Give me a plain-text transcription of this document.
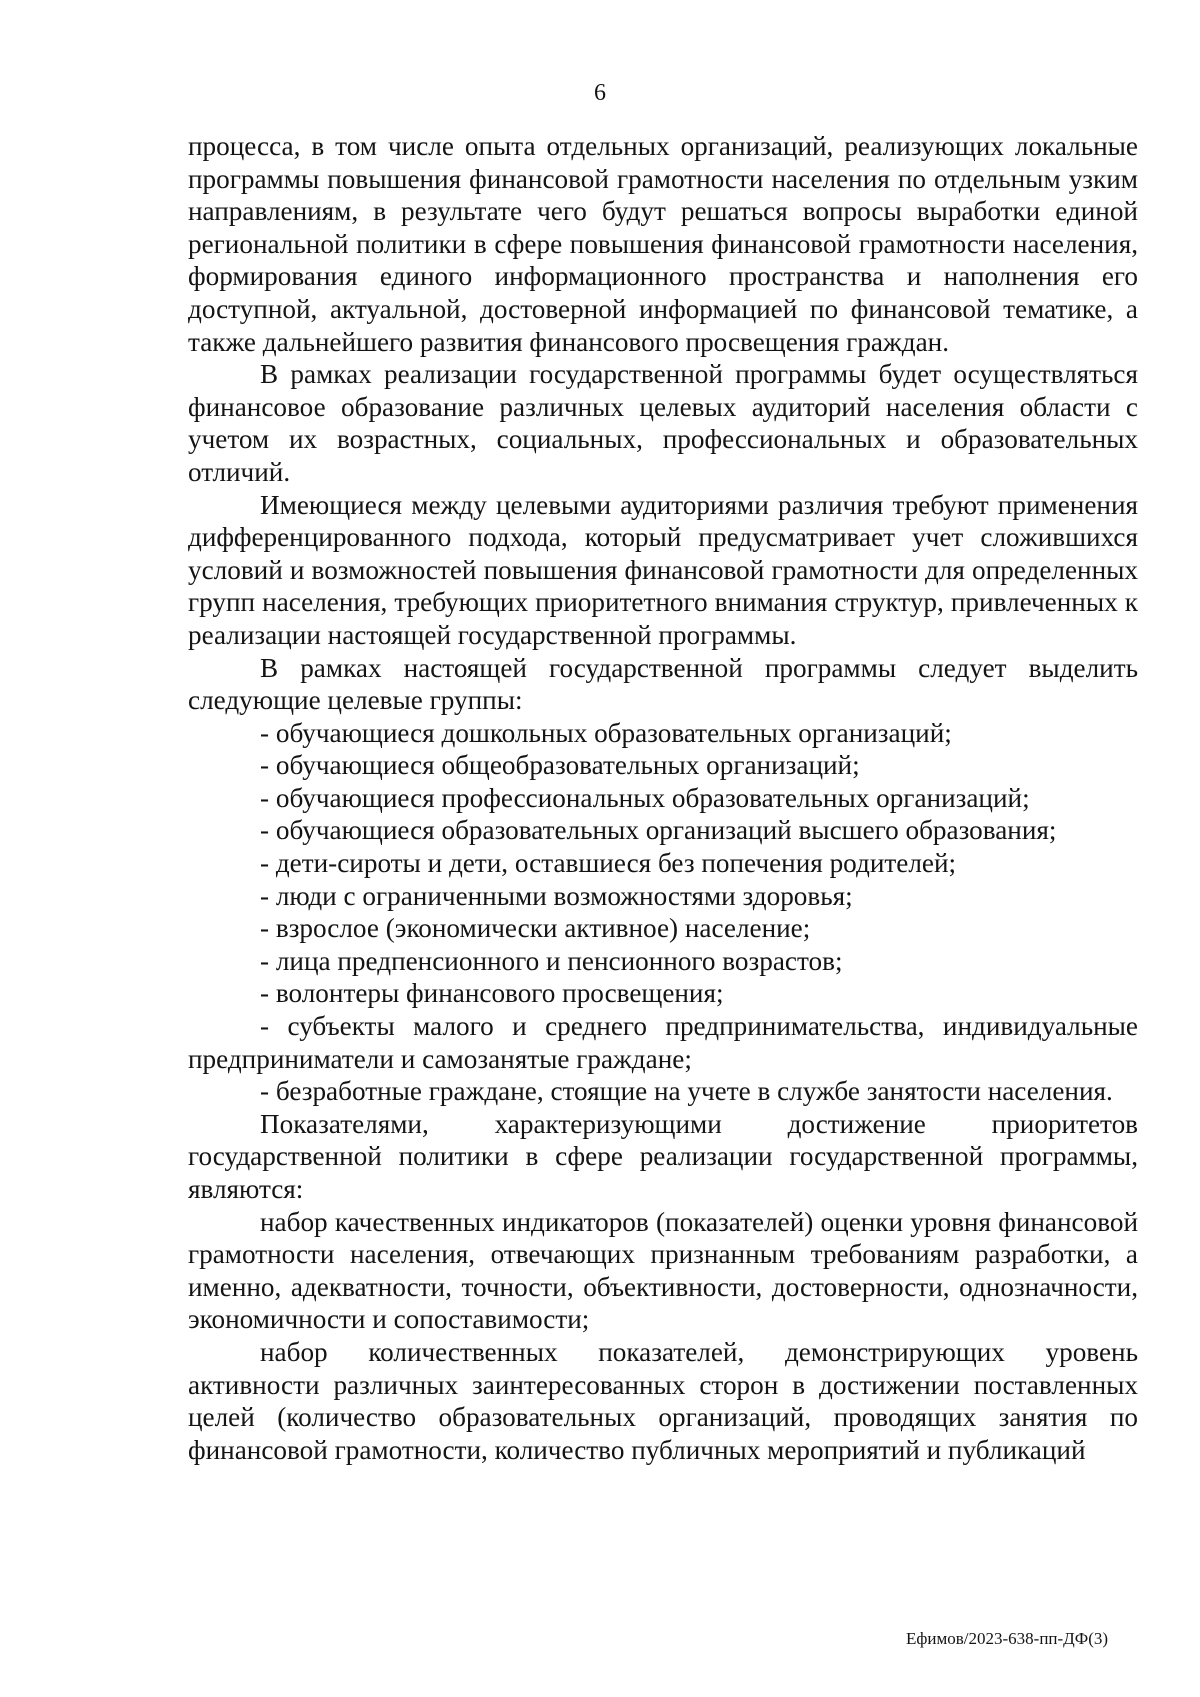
6

процесса, в том числе опыта отдельных организаций, реализующих локальные программы повышения финансовой грамотности населения по отдельным узким направлениям, в результате чего будут решаться вопросы выработки единой региональной политики в сфере повышения финансовой грамотности населения, формирования единого информационного пространства и наполнения его доступной, актуальной, достоверной информацией по финансовой тематике, а также дальнейшего развития финансового просвещения граждан.

В рамках реализации государственной программы будет осуществляться финансовое образование различных целевых аудиторий населения области с учетом их возрастных, социальных, профессиональных и образовательных отличий.

Имеющиеся между целевыми аудиториями различия требуют применения дифференцированного подхода, который предусматривает учет сложившихся условий и возможностей повышения финансовой грамотности для определенных групп населения, требующих приоритетного внимания структур, привлеченных к реализации настоящей государственной программы.

В рамках настоящей государственной программы следует выделить следующие целевые группы:

- обучающиеся дошкольных образовательных организаций;

- обучающиеся общеобразовательных организаций;

- обучающиеся профессиональных образовательных организаций;

- обучающиеся образовательных организаций высшего образования;

- дети-сироты и дети, оставшиеся без попечения родителей;

- люди с ограниченными возможностями здоровья;

- взрослое (экономически активное) население;

- лица предпенсионного и пенсионного возрастов;

- волонтеры финансового просвещения;

- субъекты малого и среднего предпринимательства, индивидуальные предприниматели и самозанятые граждане;

- безработные граждане, стоящие на учете в службе занятости населения.

Показателями, характеризующими достижение приоритетов государственной политики в сфере реализации государственной программы, являются:

набор качественных индикаторов (показателей) оценки уровня финансовой грамотности населения, отвечающих признанным требованиям разработки, а именно, адекватности, точности, объективности, достоверности, однозначности, экономичности и сопоставимости;

набор количественных показателей, демонстрирующих уровень активности различных заинтересованных сторон в достижении поставленных целей (количество образовательных организаций, проводящих занятия по финансовой грамотности, количество публичных мероприятий и публикаций

Ефимов/2023-638-пп-ДФ(3)
